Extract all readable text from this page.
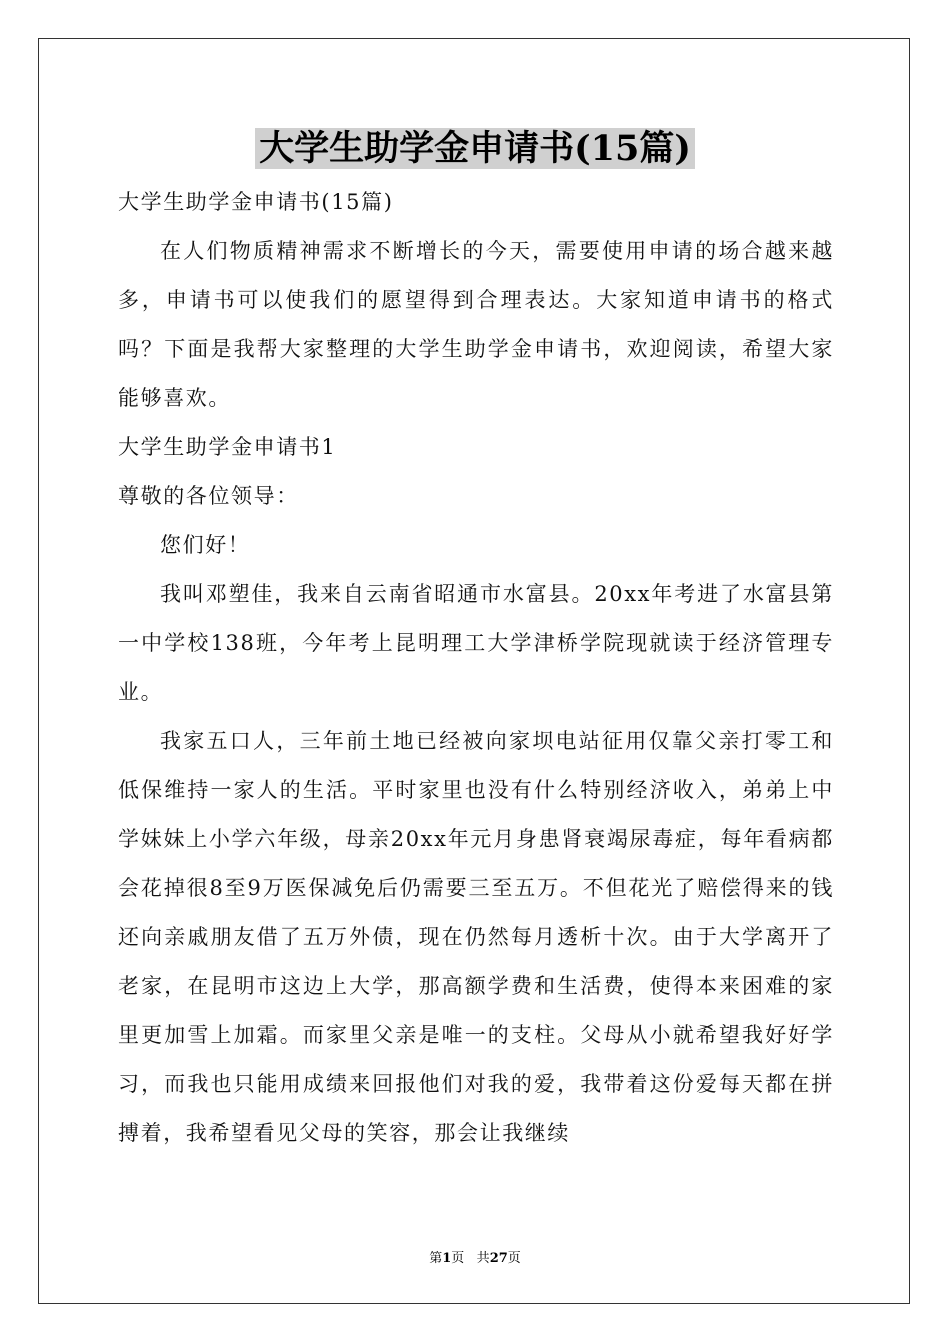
大学生助学金申请书(15篇)

大学生助学金申请书(15篇)

在人们物质精神需求不断增长的今天，需要使用申请的场合越来越多，申请书可以使我们的愿望得到合理表达。大家知道申请书的格式吗？下面是我帮大家整理的大学生助学金申请书，欢迎阅读，希望大家能够喜欢。

大学生助学金申请书1

尊敬的各位领导：

您们好！

我叫邓塑佳，我来自云南省昭通市水富县。20xx年考进了水富县第一中学校138班，今年考上昆明理工大学津桥学院现就读于经济管理专业。

我家五口人，三年前土地已经被向家坝电站征用仅靠父亲打零工和低保维持一家人的生活。平时家里也没有什么特别经济收入，弟弟上中学妹妹上小学六年级，母亲20xx年元月身患肾衰竭尿毒症，每年看病都会花掉很8至9万医保减免后仍需要三至五万。不但花光了赔偿得来的钱还向亲戚朋友借了五万外债，现在仍然每月透析十次。由于大学离开了老家，在昆明市这边上大学，那高额学费和生活费，使得本来困难的家里更加雪上加霜。而家里父亲是唯一的支柱。父母从小就希望我好好学习，而我也只能用成绩来回报他们对我的爱，我带着这份爱每天都在拼搏着，我希望看见父母的笑容，那会让我继续

第1页 共27页
